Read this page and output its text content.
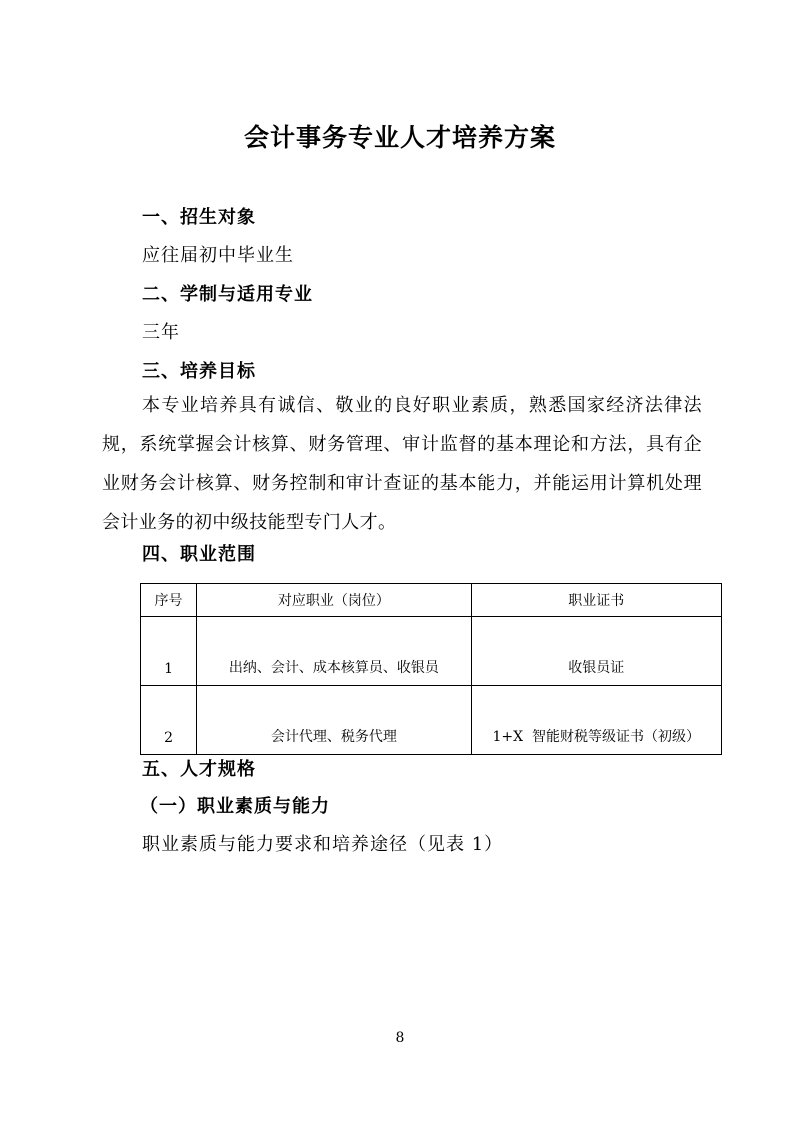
会计事务专业人才培养方案
一、招生对象
应往届初中毕业生
二、学制与适用专业
三年
三、培养目标
本专业培养具有诚信、敬业的良好职业素质，熟悉国家经济法律法规，系统掌握会计核算、财务管理、审计监督的基本理论和方法，具有企业财务会计核算、财务控制和审计查证的基本能力，并能运用计算机处理会计业务的初中级技能型专门人才。
四、职业范围
序号	对应职业（岗位）	职业证书
1	出纳、会计、成本核算员、收银员	收银员证
2	会计代理、税务代理	1+X  智能财税等级证书（初级）
五、人才规格
（一）职业素质与能力
职业素质与能力要求和培养途径（见表 1）
8
